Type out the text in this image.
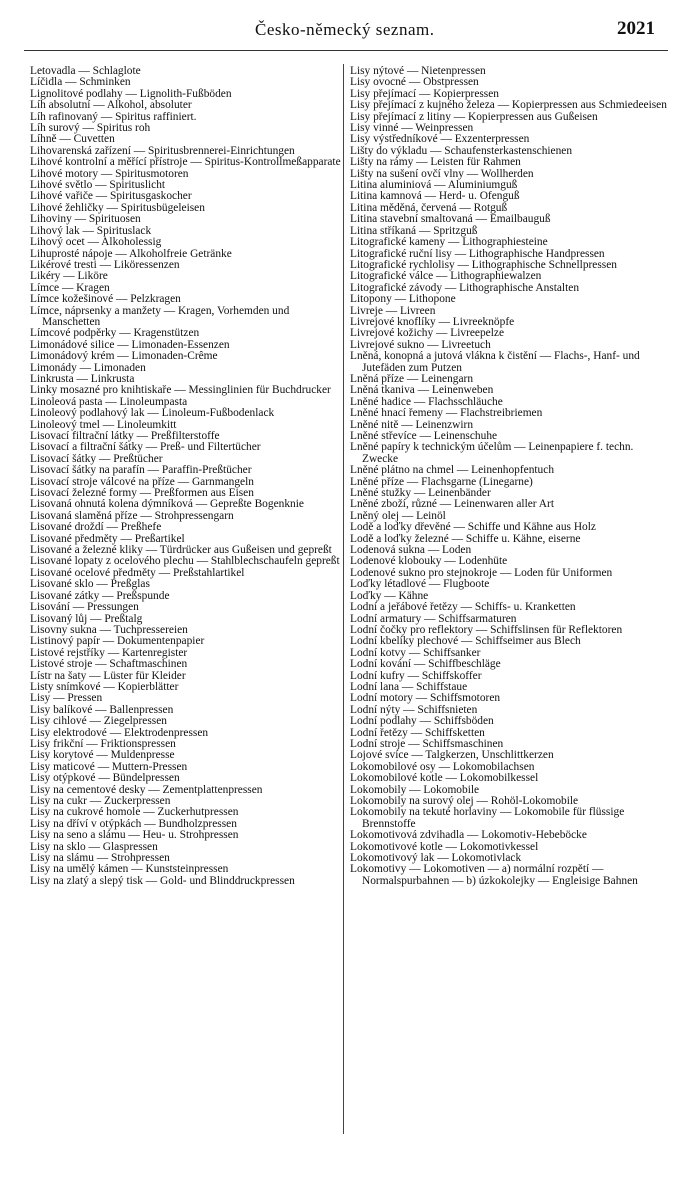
Česko-německý seznam.	2021

Letovadla — Schlaglote

Líčidla — Schminken

Lignolitové podlahy — Lignolith-Fußböden

Líh absolutní — Alkohol, absoluter

Líh rafinovaný — Spiritus raffiniert.

Líh surový — Spiritus roh

Líhně — Cuvetten

Lihovarenská zařízení — Spiritusbrennerei-Einrichtungen

Lihové kontrolní a měřící přístroje — Spiritus-Kontrollmeßapparate

Lihové motory — Spiritusmotoren

Lihové světlo — Spirituslicht

Lihové vařiče — Spiritusgaskocher

Lihové žehličky — Spiritusbügeleisen

Lihoviny — Spirituosen

Lihový lak — Spirituslack

Lihový ocet — Alkoholessig

Lihuprosté nápoje — Alkoholfreie Getränke

Likérové tresti — Liköressenzen

Likéry — Liköre

Límce — Kragen

Límce kožešinové — Pelzkragen

Límce, náprsenky a manžety — Kragen, Vorhemden und Manschetten

Límcové podpěrky — Kragenstützen

Limonádové silice — Limonaden-Essenzen

Limonádový krém — Limonaden-Crême

Limonády — Limonaden

Linkrusta — Linkrusta

Linky mosazné pro knihtiskaře — Messinglinien für Buchdrucker

Linoleová pasta — Linoleumpasta

Linoleový podlahový lak — Linoleum-Fußbodenlack

Linoleový tmel — Linoleumkitt

Lisovací filtrační látky — Preßfilterstoffe

Lisovací a filtrační šátky — Preß- und Filtertücher

Lisovací šátky — Preßtücher

Lisovací šátky na parafín — Paraffin-Preßtücher

Lisovací stroje válcové na příze — Garnmangeln

Lisovací železné formy — Preßformen aus Eisen

Lisovaná ohnutá kolena dýmníková — Gepreßte Bogenknie

Lisovaná slaměná příze — Strohpressengarn

Lisované droždí — Preßhefe

Lisované předměty — Preßartikel

Lisované a železné kliky — Türdrücker aus Gußeisen und gepreßt

Lisované lopaty z ocelového plechu — Stahlblechschaufeln gepreßt

Lisované ocelové předměty — Preßstahlartikel

Lisované sklo — Preßglas

Lisované zátky — Preßspunde

Lisování — Pressungen

Lisovaný lůj — Preßtalg

Lisovny sukna — Tuchpressereien

Listinový papír — Dokumentenpapier

Listové rejstříky — Kartenregister

Listové stroje — Schaftmaschinen

Lístr na šaty — Lüster für Kleider

Listy snímkové — Kopierblätter

Lisy — Pressen

Lisy balíkové — Ballenpressen

Lisy cihlové — Ziegelpressen

Lisy elektrodové — Elektrodenpressen

Lisy frikční — Friktionspressen

Lisy korytové — Muldenpresse

Lisy maticové — Muttern-Pressen

Lisy otýpkové — Bündelpressen

Lisy na cementové desky — Zementplattenpressen

Lisy na cukr — Zuckerpressen

Lisy na cukrové homole — Zuckerhutpressen

Lisy na dříví v otýpkách — Bundholzpressen

Lisy na seno a slámu — Heu- u. Strohpressen

Lisy na sklo — Glaspressen

Lisy na slámu — Strohpressen

Lisy na umělý kámen — Kunststeinpressen

Lisy na zlatý a slepý tisk — Gold- und Blinddruckpressen

Lisy nýtové — Nietenpressen

Lisy ovocné — Obstpressen

Lisy přejímací — Kopierpressen

Lisy přejímací z kujného železa — Kopierpressen aus Schmiedeeisen

Lisy přejímací z litiny — Kopierpressen aus Gußeisen

Lisy vinné — Weinpressen

Lisy výstředníkové — Exzenterpressen

Lišty do výkladu — Schaufensterkastenschienen

Lišty na rámy — Leisten für Rahmen

Lišty na sušení ovčí vlny — Wollherden

Litina aluminiová — Aluminiumguß

Litina kamnová — Herd- u. Ofenguß

Litina měděná, červená — Rotguß

Litina stavební smaltovaná — Emailbauguß

Litina stříkaná — Spritzguß

Litografické kameny — Lithographiesteine

Litografické ruční lisy — Lithographische Handpressen

Litografické rychlolisy — Lithographische Schnellpressen

Litografické válce — Lithographiewalzen

Litografické závody — Lithographische Anstalten

Litopony — Lithopone

Livreje — Livreen

Livrejové knoflíky — Livreeknöpfe

Livrejové kožichy — Livreepelze

Livrejové sukno — Livreetuch

Lněná, konopná a jutová vlákna k čistění — Flachs-, Hanf- und Jutefäden zum Putzen

Lněná příze — Leinengarn

Lněná tkaniva — Leinenweben

Lněné hadice — Flachsschläuche

Lněné hnací řemeny — Flachstreibriemen

Lněné nitě — Leinenzwirn

Lněné střevíce — Leinenschuhe

Lněné papíry k technickým účelům — Leinenpapiere f. techn. Zwecke

Lněné plátno na chmel — Leinenhopfentuch

Lněné příze — Flachsgarne (Linegarne)

Lněné stužky — Leinenbänder

Lněné zboží, různé — Leinenwaren aller Art

Lněný olej — Leinöl

Lodě a loďky dřevěné — Schiffe und Kähne aus Holz

Lodě a loďky železné — Schiffe u. Kähne, eiserne

Lodenová sukna — Loden

Lodenové klobouky — Lodenhüte

Lodenové sukno pro stejnokroje — Loden für Uniformen

Loďky létadlové — Flugboote

Loďky — Kähne

Lodní a jeřábové řetězy — Schiffs- u. Kranketten

Lodní armatury — Schiffsarmaturen

Lodní čočky pro reflektory — Schiffslinsen für Reflektoren

Lodní kbelíky plechové — Schiffseimer aus Blech

Lodní kotvy — Schiffsanker

Lodní kování — Schiffbeschläge

Lodní kufry — Schiffskoffer

Lodní lana — Schiffstaue

Lodní motory — Schiffsmotoren

Lodní nýty — Schiffsnieten

Lodní podlahy — Schiffsböden

Lodní řetězy — Schiffsketten

Lodní stroje — Schiffsmaschinen

Lojové svíce — Talgkerzen, Unschlittkerzen

Lokomobilové osy — Lokomobilachsen

Lokomobilové kotle — Lokomobilkessel

Lokomobily — Lokomobile

Lokomobily na surový olej — Rohöl-Lokomobile

Lokomobily na tekuté horlaviny — Lokomobile für flüssige Brennstoffe

Lokomotivová zdvihadla — Lokomotiv-Hebeböcke

Lokomotivové kotle — Lokomotivkessel

Lokomotivový lak — Lokomotivlack

Lokomotivy — Lokomotiven — a) normální rozpětí — Normalspurbahnen — b) úzkokolejky — Engleisige Bahnen
